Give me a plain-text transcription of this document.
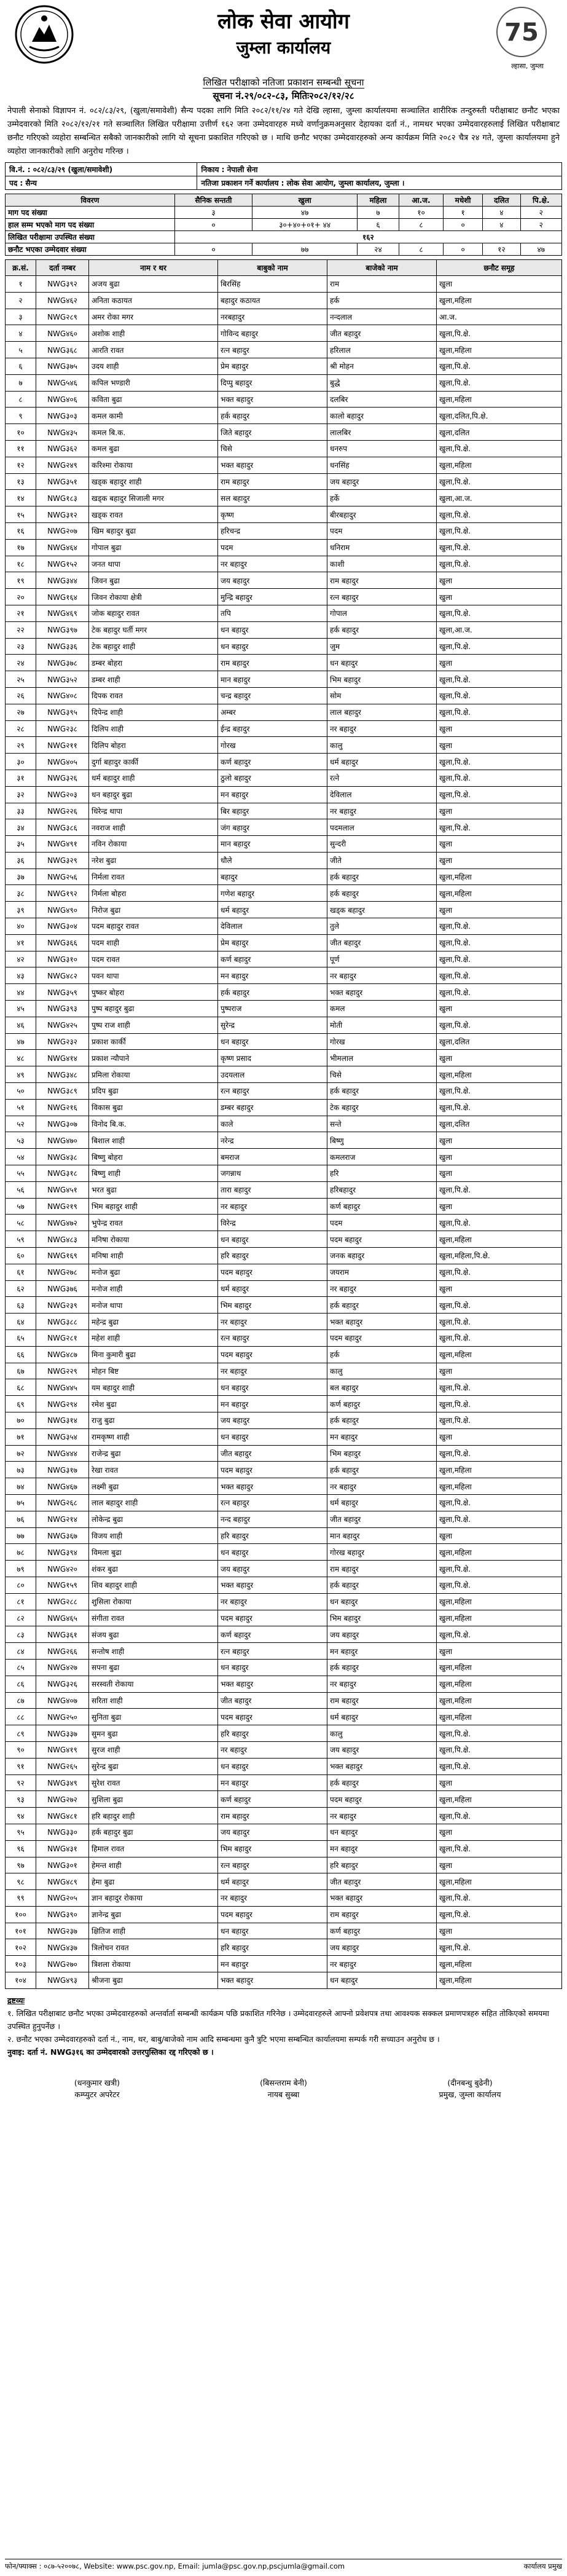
लोक सेवा आयोग
जुम्ला कार्यालय
75
ल्हासा, जुम्ला
लिखित परीक्षाको नतिजा प्रकाशन सम्बन्धी सूचना
सूचना नं.२९/०८२-८३, मितिः२०८२/१२/२८

नेपाली सेनाको विज्ञापन नं. ०८२/८३/२९, (खुला/समावेशी) सैन्य पदका लागि मिति २०८२/११/२४ गते देखि ल्हासा, जुम्ला कार्यालयमा सञ्चालित शारीरिक तन्दुरुस्ती परीक्षाबाट छनौट भएका उम्मेदवारको मिति २०८२/१२/२१ गते सञ्चालित लिखित परीक्षामा उत्तीर्ण १६२ जना उम्मेदवारहरु मध्ये वर्णानुक्रमअनुसार देहायका दर्ता नं., नामथर भएका उम्मेदवारहरुलाई लिखित परीक्षाबाट छनौट गरिएको व्यहोरा सम्बन्धित सबैको जानकारीको लागि यो सूचना प्रकाशित गरिएको छ । माथि छनौट भएका उम्मेदवारहरुको अन्य कार्यक्रम मिति २०८२ चैत्र २४ गते, जुम्ला कार्यालयमा हुने व्यहोरा जानकारीको लागि अनुरोध गरिन्छ ।

वि.नं. : ०८२/८३/२९ (खुला/समावेशी)	निकाय : नेपाली सेना
पद : सैन्य	नतिजा प्रकाशन गर्ने कार्यालय : लोक सेवा आयोग, जुम्ला कार्यालय, जुम्ला ।
विवरण	सैनिक सन्तती	खुला	महिला	आ.ज.	मधेशी	दलित	पि.क्षे.
माग पद संख्या	३	४७	७	१०	१	४	२
हाल सम्म भएको माग पद संख्या	०	३०+४०+०१+ ४४	६	८	०	४	२
लिखित परीक्षामा उपस्थित संख्या	१६२						
छनौट भएका उम्मेदवार संख्या	०	७७	२४	८	०	१२	४७
क्र.सं.	दर्ता नम्बर	नाम र थर	बाबुको नाम	बाजेको नाम	छनौट समूह
१	NWG३९२	अजय बुढा	बिरसिंह	राम	खुला
२	NWG४६२	अनिता कठायत	बहादुर कठायत	हर्क	खुला,महिला
३	NWG२८९	अमर रोका मगर	नरबहादुर	नन्दलाल	आ.ज.
४	NWG४६०	अशोक शाही	गोविन्द बहादुर	जीत बहादुर	खुला,पि.क्षे.
५	NWG३६८	आरति रावत	रत्न बहादुर	हरिलाल	खुला,महिला
६	NWG३७५	उदय शाही	प्रेम बहादुर	श्री मोहन	खुला,पि.क्षे.
७	NWG५४६	कपिल भण्डारी	दिप्पु बहादुर	बुद्धे	खुला,पि.क्षे.
८	NWG४०६	कविता बुढा	भक्त बहादुर	दलबिर	खुला,महिला
९	NWG३०३	कमल कामी	हर्क बहादुर	कालो बहादुर	खुला,दलित,पि.क्षे.
१०	NWG४३५	कमल बि.क.	जिते बहादुर	लालबिर	खुला,दलित
११	NWG३६२	कमल बुढा	चिसे	धनरुप	खुला,पि.क्षे.
१२	NWG२४९	करिश्मा रोकाया	भक्त बहादुर	धनसिंह	खुला,महिला
१३	NWG३५१	खड्क बहादुर शाही	राम बहादुर	जय बहादुर	खुला,पि.क्षे.
१४	NWG१८३	खड्क बहादुर सिजाली मगर	सल बहादुर	हर्के	खुला,आ.ज.
१५	NWG३१२	खड्क रावत	कृष्ण	बीरबहादुर	खुला,पि.क्षे.
१६	NWG२०७	खिम बहादुर बुढा	हरिचन्द्र	पदम	खुला,पि.क्षे.
१७	NWG४६४	गोपाल बुढा	पदम	धनिराम	खुला,पि.क्षे.
१८	NWG१५२	जनत थापा	नर बहादुर	काशी	खुला,पि.क्षे.
१९	NWG३४४	जिवन बुढा	जय बहादुर	राम बहादुर	खुला
२०	NWG१६४	जिवन रोकाया क्षेत्री	मुन्द्रि बहादुर	रत्न बहादुर	खुला
२१	NWG४६९	जोक बहादुर रावत	तपि	गोपाल	खुला,पि.क्षे.
२२	NWG३९७	टेक बहादुर घर्ती मगर	धन बहादुर	हर्क बहादुर	खुला,आ.ज.
२३	NWG३३६	टेक बहादुर शाही	धन बहादुर	जुम	खुला,पि.क्षे.
२४	NWG३७८	डम्बर बोहरा	राम बहादुर	धन बहादुर	खुला
२५	NWG३५२	डम्बर शाही	मान बहादुर	भिम बहादुर	खुला,पि.क्षे.
२६	NWG४०८	दिपक रावत	चन्द्र बहादुर	सोम	खुला,पि.क्षे.
२७	NWG३९५	दिपेन्द्र शाही	अम्बर	लाल बहादुर	खुला,पि.क्षे.
२८	NWG२३८	दिलिप शाही	ईन्द्र बहादुर	नर बहादुर	खुला
२९	NWG२११	दिलिप बोहरा	गोरख	कालु	खुला
३०	NWG४०५	दुर्गा बहादुर कार्की	कर्ण बहादुर	धर्म बहादुर	खुला,पि.क्षे.
३१	NWG३२६	धर्म बहादुर शाही	ठुलो बहादुर	रत्ने	खुला,पि.क्षे.
३२	NWG२०३	धन बहादुर बुढा	मन बहादुर	देविलाल	खुला,पि.क्षे.
३३	NWG२२६	धिरेन्द्र थापा	बिर बहादुर	नर बहादुर	खुला
३४	NWG३८६	नवराज शाही	जंग बहादुर	पदमलाल	खुला,पि.क्षे.
३५	NWG४९१	नविन रोकाया	मान बहादुर	सुन्दरी	खुला
३६	NWG३२९	नरेश बुढा	धौले	जीते	खुला
३७	NWG२५६	निर्मला रावत	बहादुर	हर्क बहादुर	खुला,महिला
३८	NWG१९२	निर्मला बोहरा	गणेश बहादुर	हर्क बहादुर	खुला,महिला
३९	NWG४९०	निरोज बुढा	धर्म बहादुर	खड्क बहादुर	खुला
४०	NWG३०४	पदम बहादुर रावत	देविलाल	तुले	खुला,पि.क्षे.
४१	NWG३६६	पदम शाही	प्रेम बहादुर	जीत बहादुर	खुला,पि.क्षे.
४२	NWG३१०	पदम रावत	कर्ण बहादुर	पूर्ण	खुला,पि.क्षे.
४३	NWG४८२	पवन थापा	मन बहादुर	नर बहादुर	खुला,पि.क्षे.
४४	NWG३५९	पुष्कर बोहरा	हर्क बहादुर	भक्त बहादुर	खुला,पि.क्षे.
४५	NWG३९३	पुष्प बहादुर बुढा	पुष्पराज	कमल	खुला
४६	NWG४२५	पुष्प राज शाही	सुरेन्द्र	मोती	खुला,पि.क्षे.
४७	NWG२३२	प्रकाश कार्की	धन बहादुर	गोरख	खुला,दलित
४८	NWG४१४	प्रकाश न्यौपाने	कृष्ण प्रसाद	भीमलाल	खुला
४९	NWG३४८	प्रमिला रोकाया	उदयलाल	चिसे	खुला,महिला
५०	NWG३८९	प्रदिप बुढा	रत्न बहादुर	हर्क बहादुर	खुला,पि.क्षे.
५१	NWG२१६	विकास बुढा	डम्बर बहादुर	टेक बहादुर	खुला,पि.क्षे.
५२	NWG३०७	विनोद बि.क.	काले	सन्ते	खुला,दलित
५३	NWG४७०	बिशाल शाही	नरेन्द्र	बिष्णु	खुला
५४	NWG४३८	बिष्णु बोहरा	बमराज	कमलराज	खुला
५५	NWG३१८	बिष्णु शाही	जगन्नाथ	हरि	खुला
५६	NWG४५१	भरत बुढा	तारा बहादुर	हरिबहादुर	खुला,पि.क्षे.
५७	NWG२१९	भिम बहादुर शाही	नर बहादुर	कर्ण बहादुर	खुला
५८	NWG४७२	भुपेन्द्र रावत	विरेन्द्र	पदम	खुला,पि.क्षे.
५९	NWG४८३	मनिषा रोकाया	धन बहादुर	पदम बहादुर	खुला,महिला
६०	NWG१६९	मनिषा शाही	हरि बहादुर	जनक बहादुर	खुला,महिला,पि.क्षे.
६१	NWG२७८	मनोज बुढा	पदम बहादुर	जयराम	खुला,पि.क्षे.
६२	NWG३७६	मनोज शाही	धर्म बहादुर	नर बहादुर	खुला
६३	NWG२३९	मनोज थापा	भिम बहादुर	हर्क बहादुर	खुला,पि.क्षे.
६४	NWG३८८	महेन्द्र बुढा	नर बहादुर	भक्त बहादुर	खुला,पि.क्षे.
६५	NWG२८१	महेश शाही	रत्न बहादुर	पदम बहादुर	खुला,पि.क्षे.
६६	NWG४८७	मिना कुमारी बुढा	पदम बहादुर	हर्क	खुला,महिला
६७	NWG२२९	मोहन बिष्ट	नर बहादुर	कालु	खुला
६८	NWG४४५	यम बहादुर शाही	धन बहादुर	बल बहादुर	खुला,पि.क्षे.
६९	NWG२९४	रमेश बुढा	मन बहादुर	कर्ण बहादुर	खुला,पि.क्षे.
७०	NWG३१४	राजु बुढा	जय बहादुर	हर्क बहादुर	खुला,पि.क्षे.
७१	NWG३५४	रामकृष्ण शाही	धन बहादुर	मन बहादुर	खुला
७२	NWG४४४	राजेन्द्र बुढा	जीत बहादुर	भिम बहादुर	खुला,पि.क्षे.
७३	NWG३१७	रेखा रावत	पदम बहादुर	हर्क बहादुर	खुला,महिला
७४	NWG४६७	लक्ष्मी बुढा	भक्त बहादुर	नर बहादुर	खुला,महिला
७५	NWG२६८	लाल बहादुर शाही	रत्न बहादुर	धर्म बहादुर	खुला,पि.क्षे.
७६	NWG२१४	लोकेन्द्र बुढा	नन्द बहादुर	जीत बहादुर	खुला,पि.क्षे.
७७	NWG३६७	विजय शाही	हरि बहादुर	मान बहादुर	खुला
७८	NWG३९४	विमला बुढा	धन बहादुर	गोरख बहादुर	खुला,महिला
७९	NWG४२०	शंकर बुढा	जय बहादुर	राम बहादुर	खुला,पि.क्षे.
८०	NWG१५९	शिव बहादुर शाही	भक्त बहादुर	हर्क बहादुर	खुला,पि.क्षे.
८१	NWG२८८	शुसिला रोकाया	नर बहादुर	धन बहादुर	खुला,महिला
८२	NWG४६५	संगीता रावत	पदम बहादुर	भिम बहादुर	खुला,महिला
८३	NWG३६१	संजय बुढा	कर्ण बहादुर	जय बहादुर	खुला,पि.क्षे.
८४	NWG२६६	सन्तोष शाही	रत्न बहादुर	मन बहादुर	खुला
८५	NWG४२७	सपना बुढा	धन बहादुर	हर्क बहादुर	खुला,महिला
८६	NWG३२६	सरस्वती रोकाया	भक्त बहादुर	नर बहादुर	खुला,महिला
८७	NWG४०७	सरिता शाही	जीत बहादुर	राम बहादुर	खुला,महिला
८८	NWG२५०	सुनिता बुढा	पदम बहादुर	धर्म बहादुर	खुला,महिला
८९	NWG३३७	सुमन बुढा	हरि बहादुर	कालु	खुला,पि.क्षे.
९०	NWG४१९	सुरज शाही	नर बहादुर	जय बहादुर	खुला,पि.क्षे.
९१	NWG२६५	सुरेन्द्र बुढा	धन बहादुर	भक्त बहादुर	खुला,पि.क्षे.
९२	NWG३४९	सुरेश रावत	मन बहादुर	हर्क बहादुर	खुला
९३	NWG२७२	सुशिला बुढा	कर्ण बहादुर	पदम बहादुर	खुला,महिला
९४	NWG४८१	हरि बहादुर शाही	राम बहादुर	नर बहादुर	खुला,पि.क्षे.
९५	NWG३३०	हर्क बहादुर बुढा	जय बहादुर	धन बहादुर	खुला
९६	NWG४३१	हिमाल रावत	भिम बहादुर	मन बहादुर	खुला,पि.क्षे.
९७	NWG३०१	हेमन्त शाही	रत्न बहादुर	हरि बहादुर	खुला
९८	NWG४८९	हेमा बुढा	धर्म बहादुर	जीत बहादुर	खुला,महिला
९९	NWG२०५	ज्ञान बहादुर रोकाया	नर बहादुर	भक्त बहादुर	खुला,पि.क्षे.
१००	NWG३९०	ज्ञानेन्द्र बुढा	पदम बहादुर	राम बहादुर	खुला,पि.क्षे.
१०१	NWG२३७	क्षितिज शाही	धन बहादुर	कर्ण बहादुर	खुला
१०२	NWG४३७	त्रिलोचन रावत	हरि बहादुर	जय बहादुर	खुला,पि.क्षे.
१०३	NWG२७०	त्रिशला रोकाया	मन बहादुर	नर बहादुर	खुला,महिला
१०४	NWG४९३	श्रीजना बुढा	भक्त बहादुर	धन बहादुर	खुला,महिला
द्रष्टव्यः
१. लिखित परीक्षाबाट छनौट भएका उम्मेदवारहरुको अन्तर्वार्ता सम्बन्धी कार्यक्रम पछि प्रकाशित गरिनेछ । उम्मेदवारहरुले आफ्नो प्रवेशपत्र तथा आवश्यक सक्कल प्रमाणपत्रहरु सहित तोकिएको समयमा उपस्थित हुनुपर्नेछ ।
२. छनौट भएका उम्मेदवारहरुको दर्ता नं., नाम, थर, बाबु/बाजेको नाम आदि सम्बन्धमा कुनै त्रुटि भएमा सम्बन्धित कार्यालयमा सम्पर्क गरी सच्याउन अनुरोध छ ।
नुवाइ: दर्ता नं. NWG३१६ का उम्मेदवारको उत्तरपुस्तिका रद्द गरिएको छ ।
(धनकुमार खत्री)
कम्प्युटर अपरेटर
(बिसन्तराम बेनी)
नायब सुब्बा
(दीनबन्धु बुढेनी)
प्रमुख, जुम्ला कार्यालय
फोन/फ्याक्स : ०८७-५२००७८, Website: www.psc.gov.np, Email: jumla@psc.gov.np,pscjumla@gmail.com	कार्यालय प्रमुख
